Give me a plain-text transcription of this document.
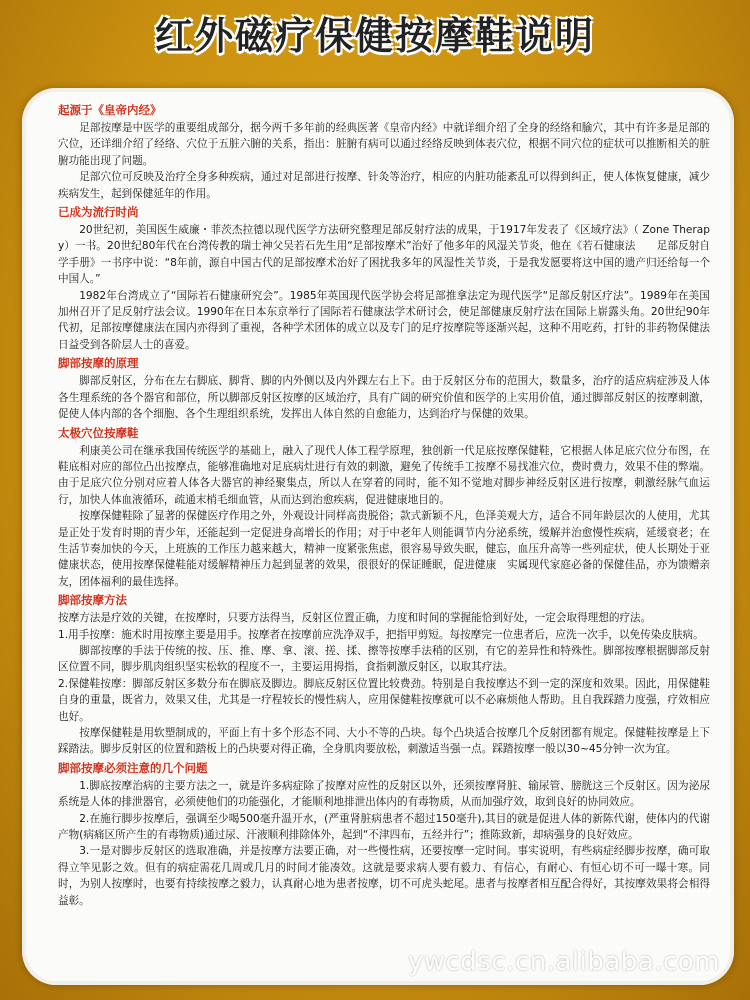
红外磁疗保健按摩鞋说明
起源于《皇帝内经》

足部按摩是中医学的重要组成部分，据今两千多年前的经典医著《皇帝内经》中就详细介绍了全身的经络和腧穴，其中有许多是足部的穴位，还详细介绍了经络、穴位于五脏六腑的关系，指出：脏腑有病可以通过经络反映到体表穴位，根据不同穴位的症状可以推断相关的脏腑功能出现了问题。

足部穴位可反映及治疗全身多种疾病，通过对足部进行按摩、针灸等治疗，相应的内脏功能紊乱可以得到纠正，使人体恢复健康，减少疾病发生，起到保健延年的作用。

已成为流行时尚

20世纪初，美国医生威廉・菲茨杰拉德以现代医学方法研究整理足部反射疗法的成果，于1917年发表了《区域疗法》（ Zone Therapy）一书。20世纪80年代在台湾传教的瑞士神父吴若石先生用“足部按摩术”治好了他多年的风湿关节炎，他在《若石健康法　　足部反射自学手册》一书序中说：“8年前，源自中国古代的足部按摩术治好了困扰我多年的风湿性关节炎，于是我发愿要将这中国的遗产归还给每一个中国人。”

1982年台湾成立了“国际若石健康研究会”。1985年英国现代医学协会将足部推拿法定为现代医学“足部反射区疗法”。1989年在美国加州召开了足反射疗法会议。1990年在日本东京举行了国际若石健康法学术研讨会，使足部健康反射疗法在国际上崭露头角。20世纪90年代初，足部按摩健康法在国内亦得到了重视，各种学术团体的成立以及专门的足疗按摩院等逐渐兴起，这种不用吃药，打针的非药物保健法日益受到各阶层人士的喜爱。

脚部按摩的原理

脚部反射区，分布在左右脚底、脚背、脚的内外侧以及内外踝左右上下。由于反射区分布的范围大，数量多，治疗的适应病症涉及人体各生理系统的各个器官和部位，所以脚部反射区按摩的区域治疗，具有广阔的研究价值和医学的上实用价值，通过脚部反射区的按摩刺激，促使人体内部的各个细胞、各个生理组织系统，发挥出人体自然的自愈能力，达到治疗与保健的效果。

太极穴位按摩鞋

利康美公司在继承我国传统医学的基础上，融入了现代人体工程学原理，独创新一代足底按摩保健鞋，它根据人体足底穴位分布图，在鞋底相对应的部位凸出按摩点，能够准确地对足底病灶进行有效的刺激，避免了传统手工按摩不易找准穴位，费时费力，效果不佳的弊端。由于足底穴位分别对应着人体各大器官的神经聚集点，所以人在穿着的同时，能不知不觉地对脚步神经反射区进行按摩，刺激经脉气血运行，加快人体血液循环，疏通末梢毛细血管，从而达到治愈疾病，促进健康地目的。

按摩保健鞋除了显著的保健医疗作用之外，外观设计同样高贵脱俗；款式新颖不凡，色泽美观大方，适合不同年龄层次的人使用，尤其是正处于发育时期的青少年，还能起到一定促进身高增长的作用；对于中老年人则能调节内分泌系统，缓解并治愈慢性疾病，延缓衰老；在生活节奏加快的今天，上班族的工作压力越来越大，精神一度紧张焦虑，很容易导致失眠，健忘，血压升高等一些列症状，使人长期处于亚健康状态，使用按摩保健鞋能对缓解精神压力起到显著的效果，很很好的保证睡眠，促进健康　实属现代家庭必备的保健佳品，亦为馈赠亲友，团体福利的最佳选择。

脚部按摩方法

按摩方法是疗效的关键，在按摩时，只要方法得当，反射区位置正确，力度和时间的掌握能恰到好处，一定会取得理想的疗法。

1.用手按摩：施术时用按摩主要是用手。按摩者在按摩前应洗净双手，把指甲剪短。每按摩完一位患者后，应洗一次手，以免传染皮肤病。

脚部按摩的手法于传统的按、压、推、摩、拿、滚、搓、揉、擦等按摩手法稍的区别，有它的差异性和特殊性。脚部按摩根据脚部反射区位置不同，脚步肌肉组织坚实松软的程度不一，主要运用拇指，食指刺激反射区，以取其疗法。

2.保健鞋按摩：脚部反射区多数分布在脚底及脚边。脚底反射区位置比较费劲。特别是自我按摩达不到一定的深度和效果。因此，用保健鞋自身的重量，既省力，效果又佳，尤其是一疗程较长的慢性病人，应用保健鞋按摩就可以不必麻烦他人帮助。且自我踩踏力度强，疗效相应也好。

按摩保健鞋是用软塑制成的，平面上有十多个形态不同、大小不等的凸块。每个凸块适合按摩几个反射团都有规定。保健鞋按摩是上下踩踏法。脚步反射区的位置和踏板上的凸块要对得正确，全身肌肉要放松，刺激适当强一点。踩踏按摩一般以30~45分钟一次为宜。

脚部按摩必须注意的几个问题

1.脚底按摩治病的主要方法之一，就是许多病症除了按摩对应性的反射区以外，还须按摩肾脏、输尿管、膀胱这三个反射区。因为泌尿系统是人体的排泄器官，必须使他们的功能强化，才能顺利地排泄出体内的有毒物质，从而加强疗效，取到良好的协同效应。

2.在施行脚步按摩后，强调至少喝500毫升温开水，(严重肾脏病患者不超过150毫升),其目的就是促进人体的新陈代谢，使体内的代谢产物(病痛区所产生的有毒物质)通过尿、汗液顺利排除体外，起到“不津四布，五经并行”；推陈致新，却病强身的良好效应。

3.一是对脚步反射区的选取准确，并是按摩方法要正确，对一些慢性病，还要按摩一定时间。事实说明，有些病症经脚步按摩，确可取得立竿见影之效。但有的病症需花几周或几月的时间才能凑效。这就是要求病人要有毅力、有信心，有耐心、有恒心切不可一曝十寒。同时，为别人按摩时，也要有持续按摩之毅力，认真耐心地为患者按摩，切不可虎头蛇尾。患者与按摩者相互配合得好，其按摩效果将会相得益彰。

ywcdsc.cn.alibaba.com
